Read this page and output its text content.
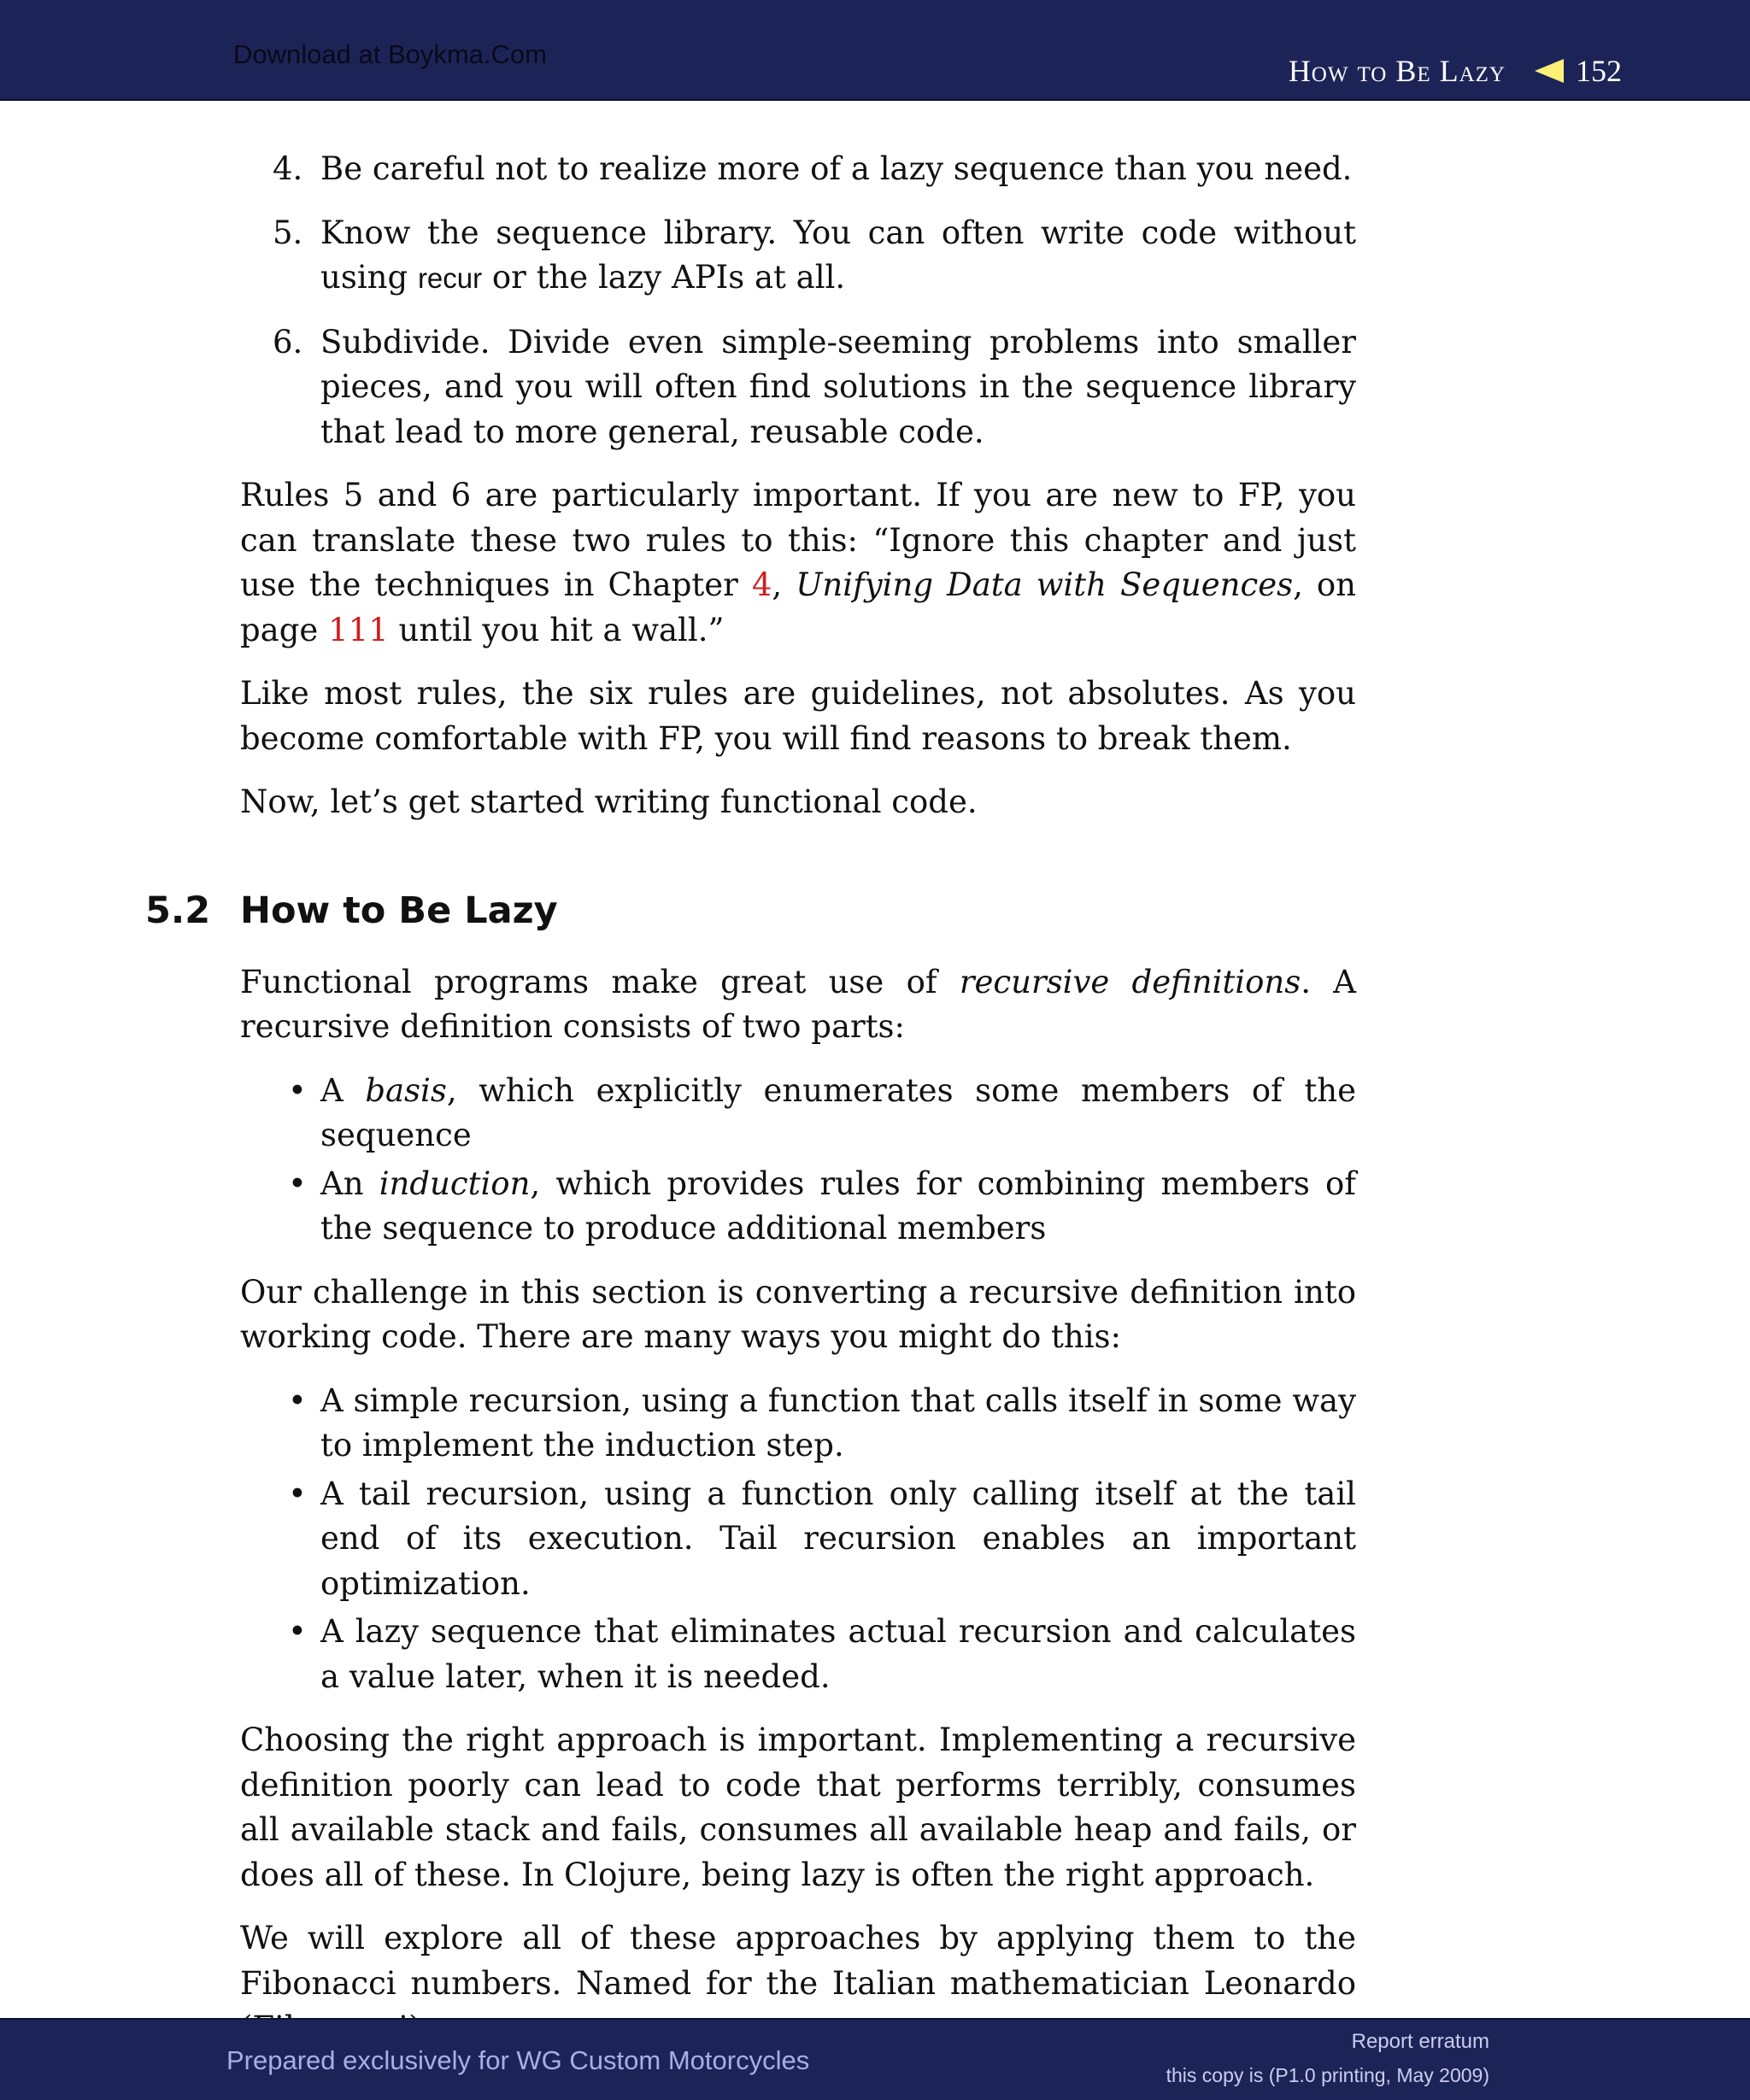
Download at Boykma.Com	How to Be Lazy 152
4. Be careful not to realize more of a lazy sequence than you need.
5. Know the sequence library. You can often write code without using recur or the lazy APIs at all.
6. Subdivide. Divide even simple-seeming problems into smaller pieces, and you will often find solutions in the sequence library that lead to more general, reusable code.

Rules 5 and 6 are particularly important. If you are new to FP, you can translate these two rules to this: “Ignore this chapter and just use the techniques in Chapter 4, Unifying Data with Sequences, on page 111 until you hit a wall.”

Like most rules, the six rules are guidelines, not absolutes. As you become comfortable with FP, you will find reasons to break them.

Now, let’s get started writing functional code.

5.2 How to Be Lazy

Functional programs make great use of recursive definitions. A recursive definition consists of two parts:

• A basis, which explicitly enumerates some members of the sequence
• An induction, which provides rules for combining members of the sequence to produce additional members

Our challenge in this section is converting a recursive definition into working code. There are many ways you might do this:

• A simple recursion, using a function that calls itself in some way to implement the induction step.
• A tail recursion, using a function only calling itself at the tail end of its execution. Tail recursion enables an important optimization.
• A lazy sequence that eliminates actual recursion and calculates a value later, when it is needed.

Choosing the right approach is important. Implementing a recursive definition poorly can lead to code that performs terribly, consumes all available stack and fails, consumes all available heap and fails, or does all of these. In Clojure, being lazy is often the right approach.

We will explore all of these approaches by applying them to the Fibonacci numbers. Named for the Italian mathematician Leonardo

Prepared exclusively for WG Custom Motorcycles
Report erratum
this copy is (P1.0 printing, May 2009)
